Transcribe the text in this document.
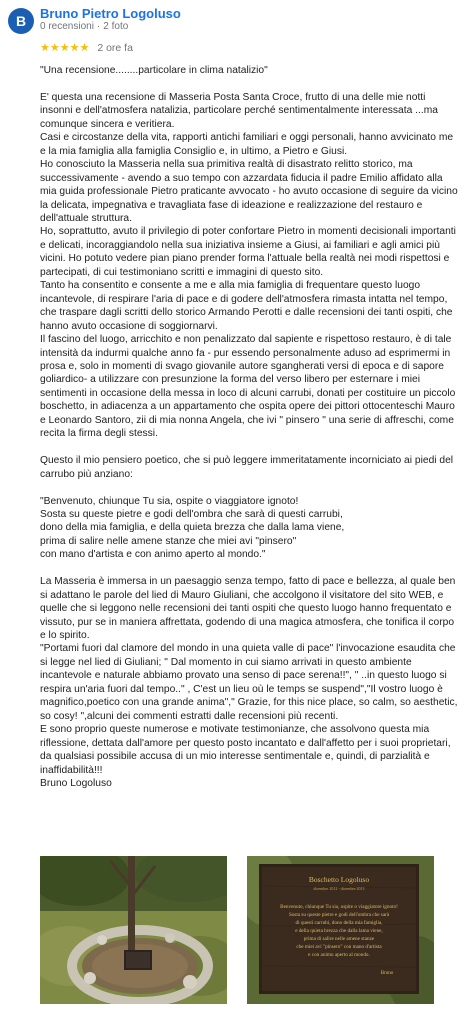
B	Bruno Pietro Logoluso
0 recensioni · 2 foto
★★★★★ 2 ore fa

"Una recensione........particolare in clima natalizio"

E' questa una recensione di Masseria Posta Santa Croce, frutto di una delle mie notti insonni e dell'atmosfera natalizia, particolare perché sentimentalmente interessata ...ma comunque sincera e veritiera.
Casi e circostanze della vita, rapporti antichi familiari e oggi personali, hanno avvicinato me e la mia famiglia alla famiglia Consiglio e, in ultimo, a Pietro e Giusi.
Ho conosciuto la Masseria nella sua primitiva realtà di disastrato relitto storico, ma successivamente - avendo a suo tempo con azzardata fiducia il padre Emilio affidato alla mia guida professionale Pietro praticante avvocato - ho avuto occasione di seguire da vicino la delicata, impegnativa e travagliata fase di ideazione e realizzazione del restauro e dell'attuale struttura.
Ho, soprattutto, avuto il privilegio di poter confortare Pietro in momenti decisionali importanti e delicati, incoraggiandolo nella sua iniziativa insieme a Giusi, ai familiari e agli amici più vicini. Ho potuto vedere pian piano prender forma l'attuale bella realtà nei modi rispettosi e partecipati, di cui testimoniano scritti e immagini di questo sito.
Tanto ha consentito e consente a me e alla mia famiglia di frequentare questo luogo incantevole, di respirare l'aria di pace e di godere dell'atmosfera rimasta intatta nel tempo, che traspare dagli scritti dello storico Armando Perotti e dalle recensioni dei tanti ospiti, che hanno avuto occasione di soggiornarvi.
Il fascino del luogo, arricchito e non penalizzato dal sapiente e rispettoso restauro, è di tale intensità da indurmi qualche anno fa - pur essendo personalmente aduso ad esprimermi in prosa e, solo in momenti di svago giovanile autore sgangherati versi di epoca e di sapore goliardico- a utilizzare con presunzione la forma del verso libero per esternare i miei sentimenti in occasione della messa in loco di alcuni carrubi, donati per costituire un piccolo boschetto, in adiacenza a un appartamento che ospita opere dei pittori ottocenteschi Mauro e Leonardo Santoro, zii di mia nonna Angela, che ivi " pinsero " una serie di affreschi, come recita la firma degli stessi.

Questo il mio pensiero poetico, che si può leggere immeritatamente incorniciato ai piedi del carrubo più anziano:

"Benvenuto, chiunque Tu sia, ospite o viaggiatore ignoto!
Sosta su queste pietre e godi dell'ombra che sarà di questi carrubi,
dono della mia famiglia, e della quieta brezza che dalla lama viene,
prima di salire nelle amene stanze che miei avi "pinsero"
con mano d'artista e con animo aperto al mondo."

La Masseria è immersa in un paesaggio senza tempo, fatto di pace e bellezza, al quale ben si adattano le parole del lied di Mauro Giuliani, che accolgono il visitatore del sito WEB, e quelle che si leggono nelle recensioni dei tanti ospiti che questo luogo hanno frequentato e vissuto, pur se in maniera affrettata, godendo di una magica atmosfera, che tonifica il corpo e lo spirito.
"Portami fuori dal clamore del mondo in una quieta valle di pace" l'invocazione esaudita che si legge nel lied di Giuliani; " Dal momento in cui siamo arrivati in questo ambiente incantevole e naturale abbiamo provato una senso di pace serena!!", " ..in questo luogo si respira un'aria fuori dal tempo.." , C'est un lieu où le temps se suspend","Il vostro luogo è magnifico,poetico con una grande anima"," Grazie, for this nice place, so calm, so aesthetic, so cosy! ",alcuni dei commenti estratti dalle recensioni più recenti.
E sono proprio queste numerose e motivate testimonianze, che assolvono questa mia riflessione, dettata dall'amore per questo posto incantato e dall'affetto per i suoi proprietari, da qualsiasi possibile accusa di un mio interesse sentimentale e, quindi, di parzialità e inaffidabilità!!!
Bruno Logoluso

Boschetto Logoluso
dicembre 2012 - dicembre 2013
Benvenuto, chiunque Tu sia, ospite o viaggiatore ignoto!
Sosta su queste pietre e godi dell'ombra che sarà
di questi carrubi, dono della mia famiglia,
e della quieta brezza che dalla lama viene,
prima di salire nelle amene stanze
che miei avi "pinsero" con mano d'artista
e con animo aperto al mondo.
Bruno
